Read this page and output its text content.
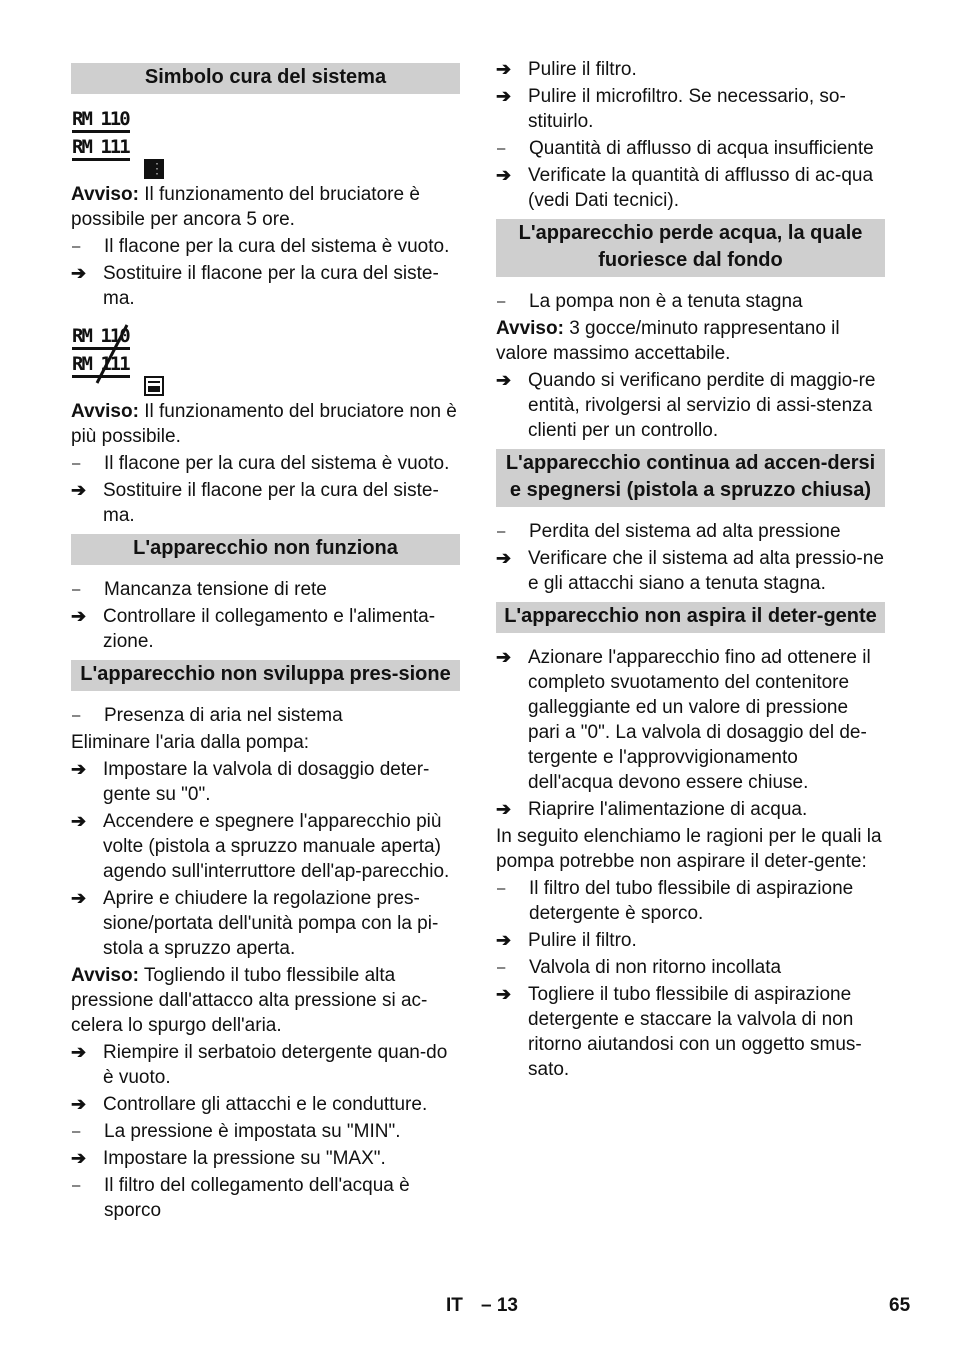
Simbolo cura del sistema
RM 110
RM 111
⋮
Avviso: Il funzionamento del bruciatore è possibile per ancora 5 ore.
–	Il flacone per la cura del sistema è vuoto.
➔ Sostituire il flacone per la cura del siste-ma.
RM 110
RM 111
Avviso: Il funzionamento del bruciatore non è più possibile.
–	Il flacone per la cura del sistema è vuoto.
➔ Sostituire il flacone per la cura del siste-ma.
L'apparecchio non funziona
–	Mancanza tensione di rete
➔ Controllare il collegamento e l'alimenta-zione.
L'apparecchio non sviluppa pres-sione
–	Presenza di aria nel sistema
Eliminare l'aria dalla pompa:
➔ Impostare la valvola di dosaggio deter-gente su "0".
➔ Accendere e spegnere l'apparecchio più volte (pistola a spruzzo manuale aperta) agendo sull'interruttore dell'ap-parecchio.
➔ Aprire e chiudere la regolazione pres-sione/portata dell'unità pompa con la pi-stola a spruzzo aperta.
Avviso: Togliendo il tubo flessibile alta pressione dall'attacco alta pressione si ac-celera lo spurgo dell'aria.
➔ Riempire il serbatoio detergente quan-do è vuoto.
➔ Controllare gli attacchi e le condutture.
–	La pressione è impostata su "MIN".
➔ Impostare la pressione su "MAX".
–	Il filtro del collegamento dell'acqua è sporco
➔ Pulire il filtro.
➔ Pulire il microfiltro. Se necessario, so-stituirlo.
–	Quantità di afflusso di acqua insufficiente
➔ Verificate la quantità di afflusso di ac-qua (vedi Dati tecnici).
L'apparecchio perde acqua, la quale fuoriesce dal fondo
–	La pompa non è a tenuta stagna
Avviso: 3 gocce/minuto rappresentano il valore massimo accettabile.
➔ Quando si verificano perdite di maggio-re entità, rivolgersi al servizio di assi-stenza clienti per un controllo.
L'apparecchio continua ad accen-dersi e spegnersi (pistola a spruzzo chiusa)
–	Perdita del sistema ad alta pressione
➔ Verificare che il sistema ad alta pressio-ne e gli attacchi siano a tenuta stagna.
L'apparecchio non aspira il deter-gente
➔ Azionare l'apparecchio fino ad ottenere il completo svuotamento del contenitore galleggiante ed un valore di pressione pari a "0". La valvola di dosaggio del de-tergente e l'approvvigionamento dell'acqua devono essere chiuse.
➔ Riaprire l'alimentazione di acqua.
In seguito elenchiamo le ragioni per le quali la pompa potrebbe non aspirare il deter-gente:
–	Il filtro del tubo flessibile di aspirazione detergente è sporco.
➔ Pulire il filtro.
–	Valvola di non ritorno incollata
➔ Togliere il tubo flessibile di aspirazione detergente e staccare la valvola di non ritorno aiutandosi con un oggetto smus-sato.
IT – 13	65
